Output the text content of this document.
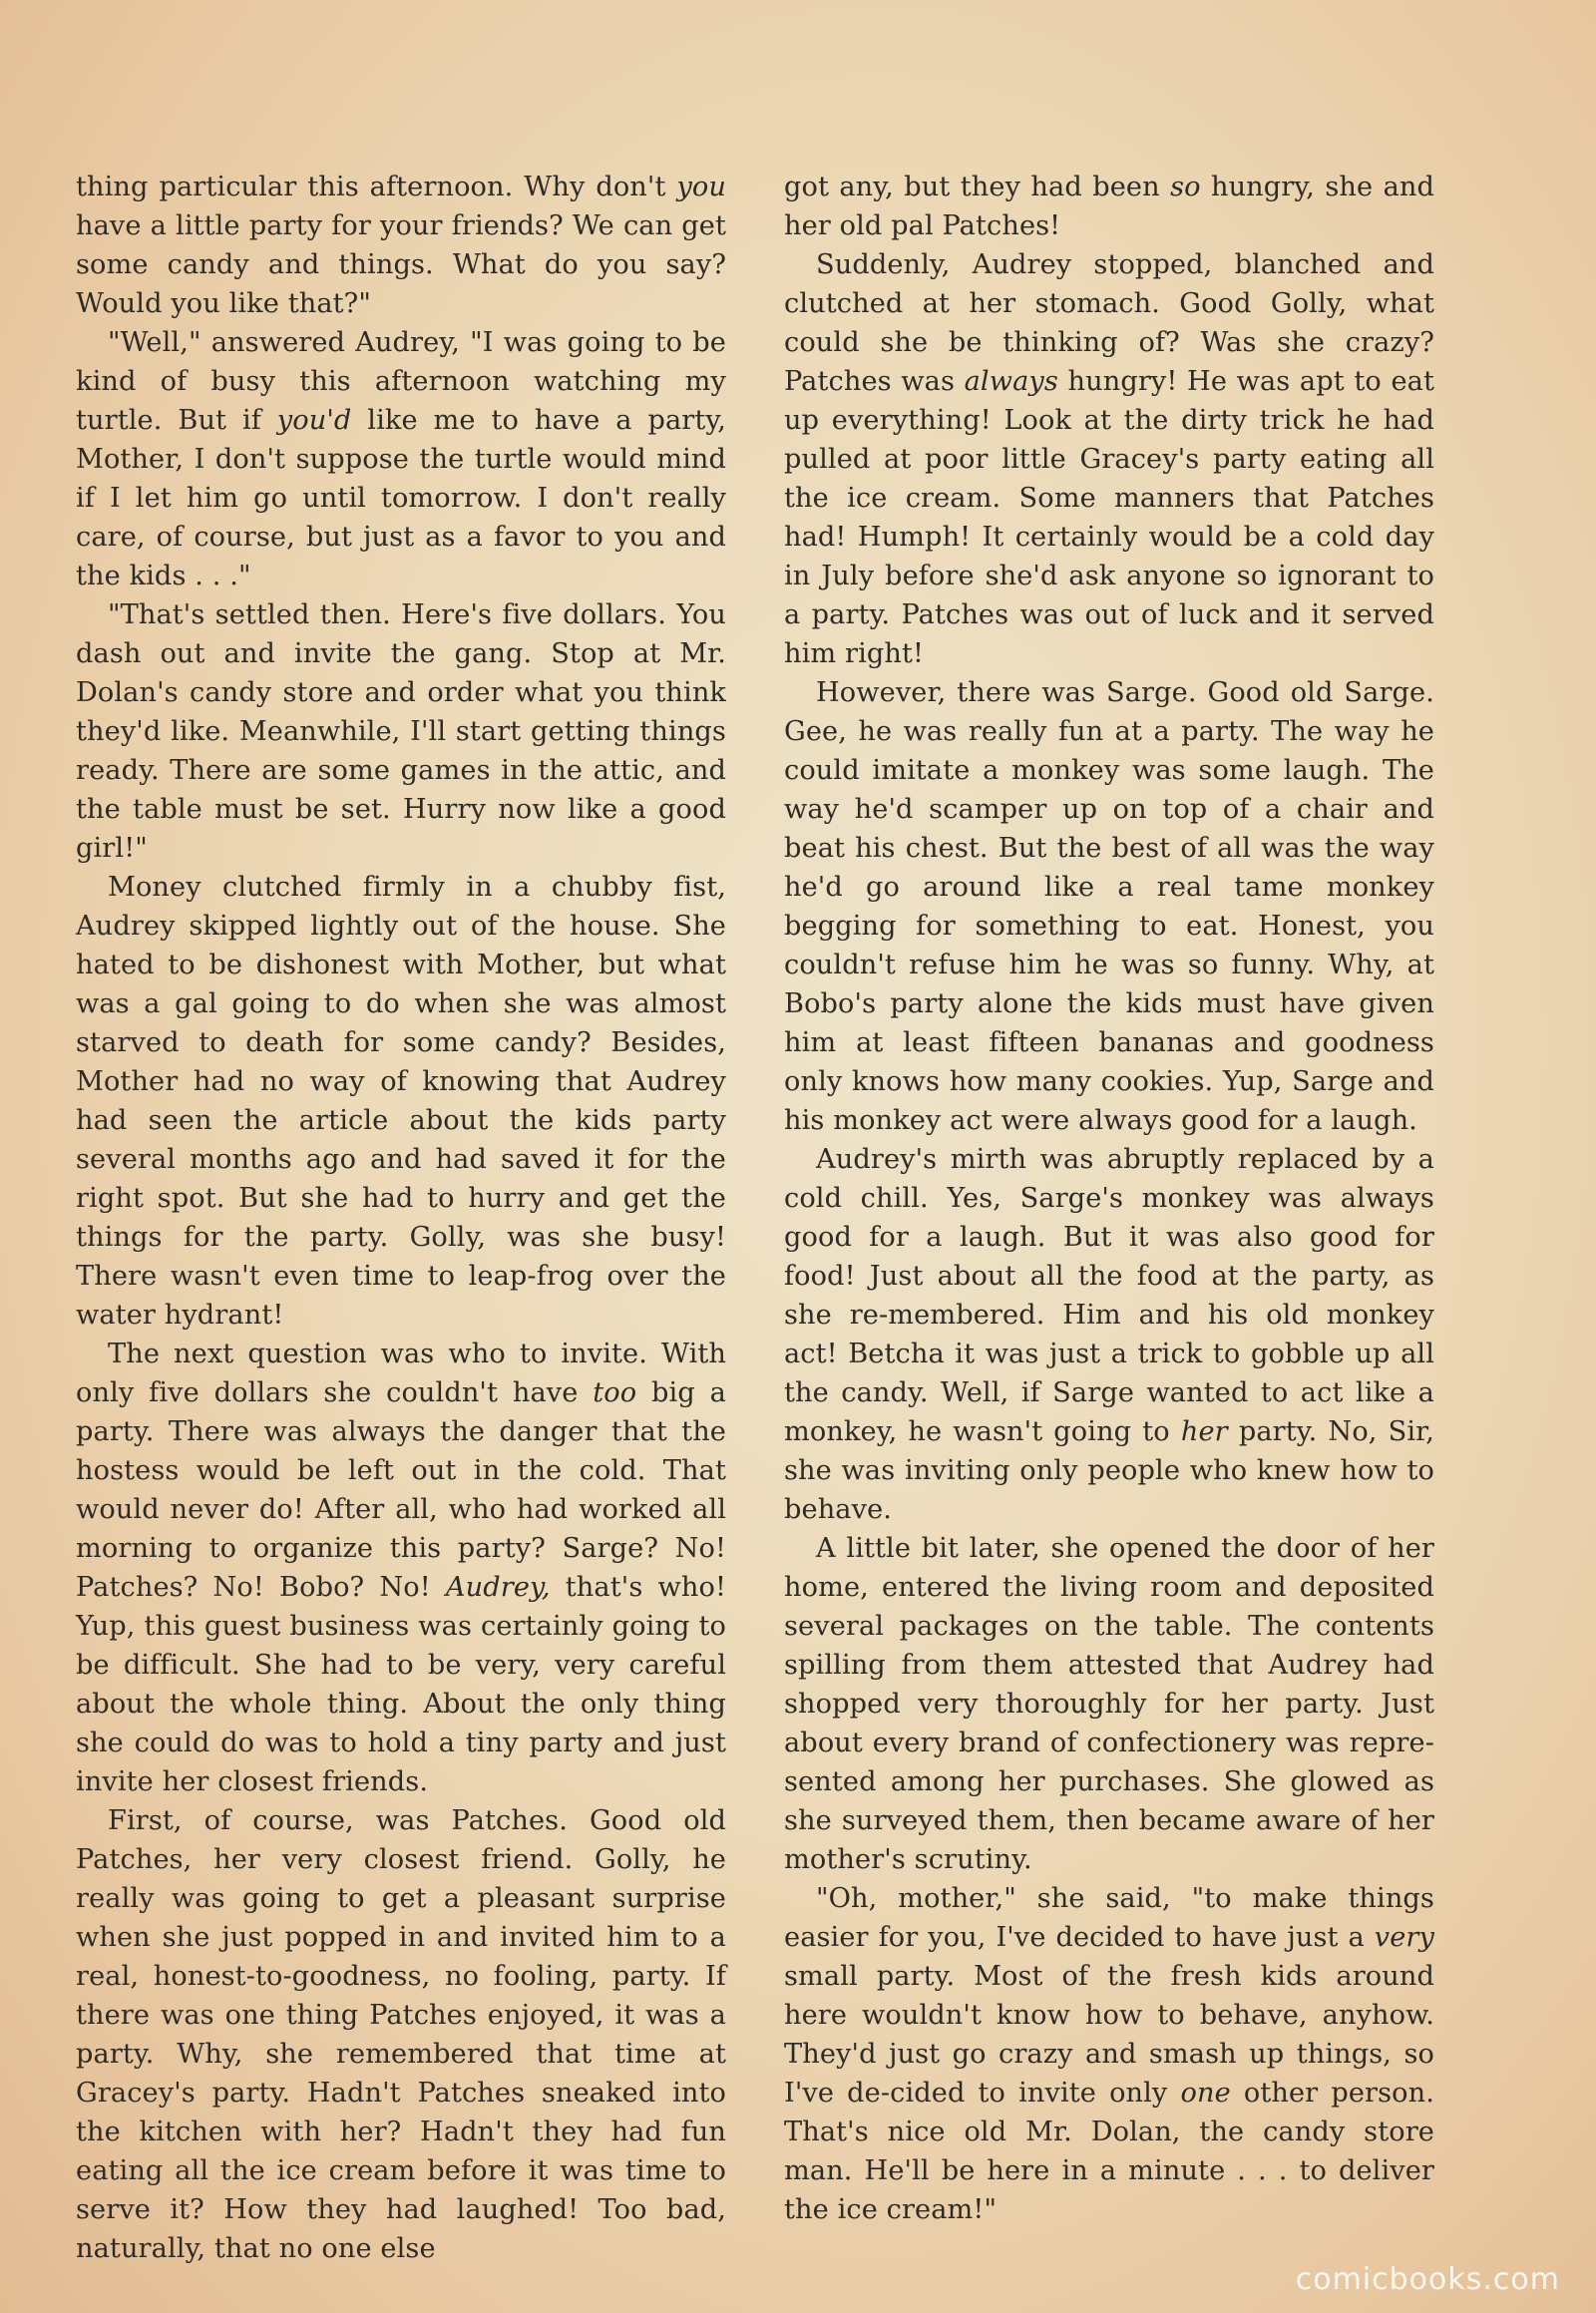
thing particular this afternoon. Why don't you have a little party for your friends? We can get some candy and things. What do you say? Would you like that?"

"Well," answered Audrey, "I was going to be kind of busy this afternoon watching my turtle. But if you'd like me to have a party, Mother, I don't suppose the turtle would mind if I let him go until tomorrow. I don't really care, of course, but just as a favor to you and the kids . . ."

"That's settled then. Here's five dollars. You dash out and invite the gang. Stop at Mr. Dolan's candy store and order what you think they'd like. Meanwhile, I'll start getting things ready. There are some games in the attic, and the table must be set. Hurry now like a good girl!"

Money clutched firmly in a chubby fist, Audrey skipped lightly out of the house. She hated to be dishonest with Mother, but what was a gal going to do when she was almost starved to death for some candy? Besides, Mother had no way of knowing that Audrey had seen the article about the kids party several months ago and had saved it for the right spot. But she had to hurry and get the things for the party. Golly, was she busy! There wasn't even time to leap-frog over the water hydrant!

The next question was who to invite. With only five dollars she couldn't have too big a party. There was always the danger that the hostess would be left out in the cold. That would never do! After all, who had worked all morning to organize this party? Sarge? No! Patches? No! Bobo? No! Audrey, that's who! Yup, this guest business was certainly going to be difficult. She had to be very, very careful about the whole thing. About the only thing she could do was to hold a tiny party and just invite her closest friends.

First, of course, was Patches. Good old Patches, her very closest friend. Golly, he really was going to get a pleasant surprise when she just popped in and invited him to a real, honest-to-goodness, no fooling, party. If there was one thing Patches enjoyed, it was a party. Why, she remembered that time at Gracey's party. Hadn't Patches sneaked into the kitchen with her? Hadn't they had fun eating all the ice cream before it was time to serve it? How they had laughed! Too bad, naturally, that no one else

got any, but they had been so hungry, she and her old pal Patches!

Suddenly, Audrey stopped, blanched and clutched at her stomach. Good Golly, what could she be thinking of? Was she crazy? Patches was always hungry! He was apt to eat up everything! Look at the dirty trick he had pulled at poor little Gracey's party eating all the ice cream. Some manners that Patches had! Humph! It certainly would be a cold day in July before she'd ask anyone so ignorant to a party. Patches was out of luck and it served him right!

However, there was Sarge. Good old Sarge. Gee, he was really fun at a party. The way he could imitate a monkey was some laugh. The way he'd scamper up on top of a chair and beat his chest. But the best of all was the way he'd go around like a real tame monkey begging for something to eat. Honest, you couldn't refuse him he was so funny. Why, at Bobo's party alone the kids must have given him at least fifteen bananas and goodness only knows how many cookies. Yup, Sarge and his monkey act were always good for a laugh.

Audrey's mirth was abruptly replaced by a cold chill. Yes, Sarge's monkey was always good for a laugh. But it was also good for food! Just about all the food at the party, as she re-membered. Him and his old monkey act! Betcha it was just a trick to gobble up all the candy. Well, if Sarge wanted to act like a monkey, he wasn't going to her party. No, Sir, she was inviting only people who knew how to behave.

A little bit later, she opened the door of her home, entered the living room and deposited several packages on the table. The contents spilling from them attested that Audrey had shopped very thoroughly for her party. Just about every brand of confectionery was repre-sented among her purchases. She glowed as she surveyed them, then became aware of her mother's scrutiny.

"Oh, mother," she said, "to make things easier for you, I've decided to have just a very small party. Most of the fresh kids around here wouldn't know how to behave, anyhow. They'd just go crazy and smash up things, so I've de-cided to invite only one other person. That's nice old Mr. Dolan, the candy store man. He'll be here in a minute . . . to deliver the ice cream!"

comicbooks.com
